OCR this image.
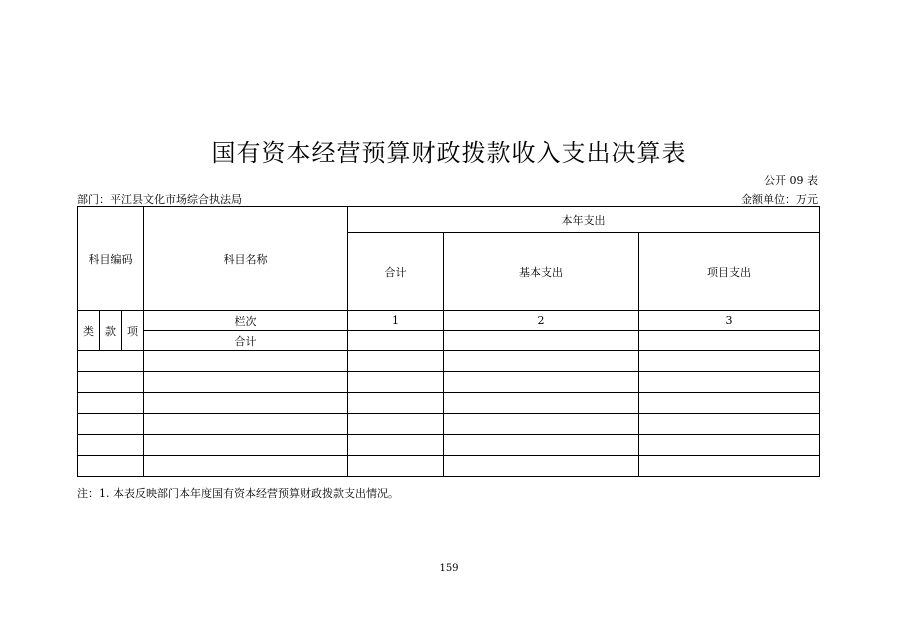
国有资本经营预算财政拨款收入支出决算表
公开 09 表
部门：平江县文化市场综合执法局	金额单位：万元
科目编码			科目名称	本年支出		
				合计	基本支出	项目支出
类	款	项	栏次	1	2	3
			合计			

注：1. 本表反映部门本年度国有资本经营预算财政拨款支出情况。
159
